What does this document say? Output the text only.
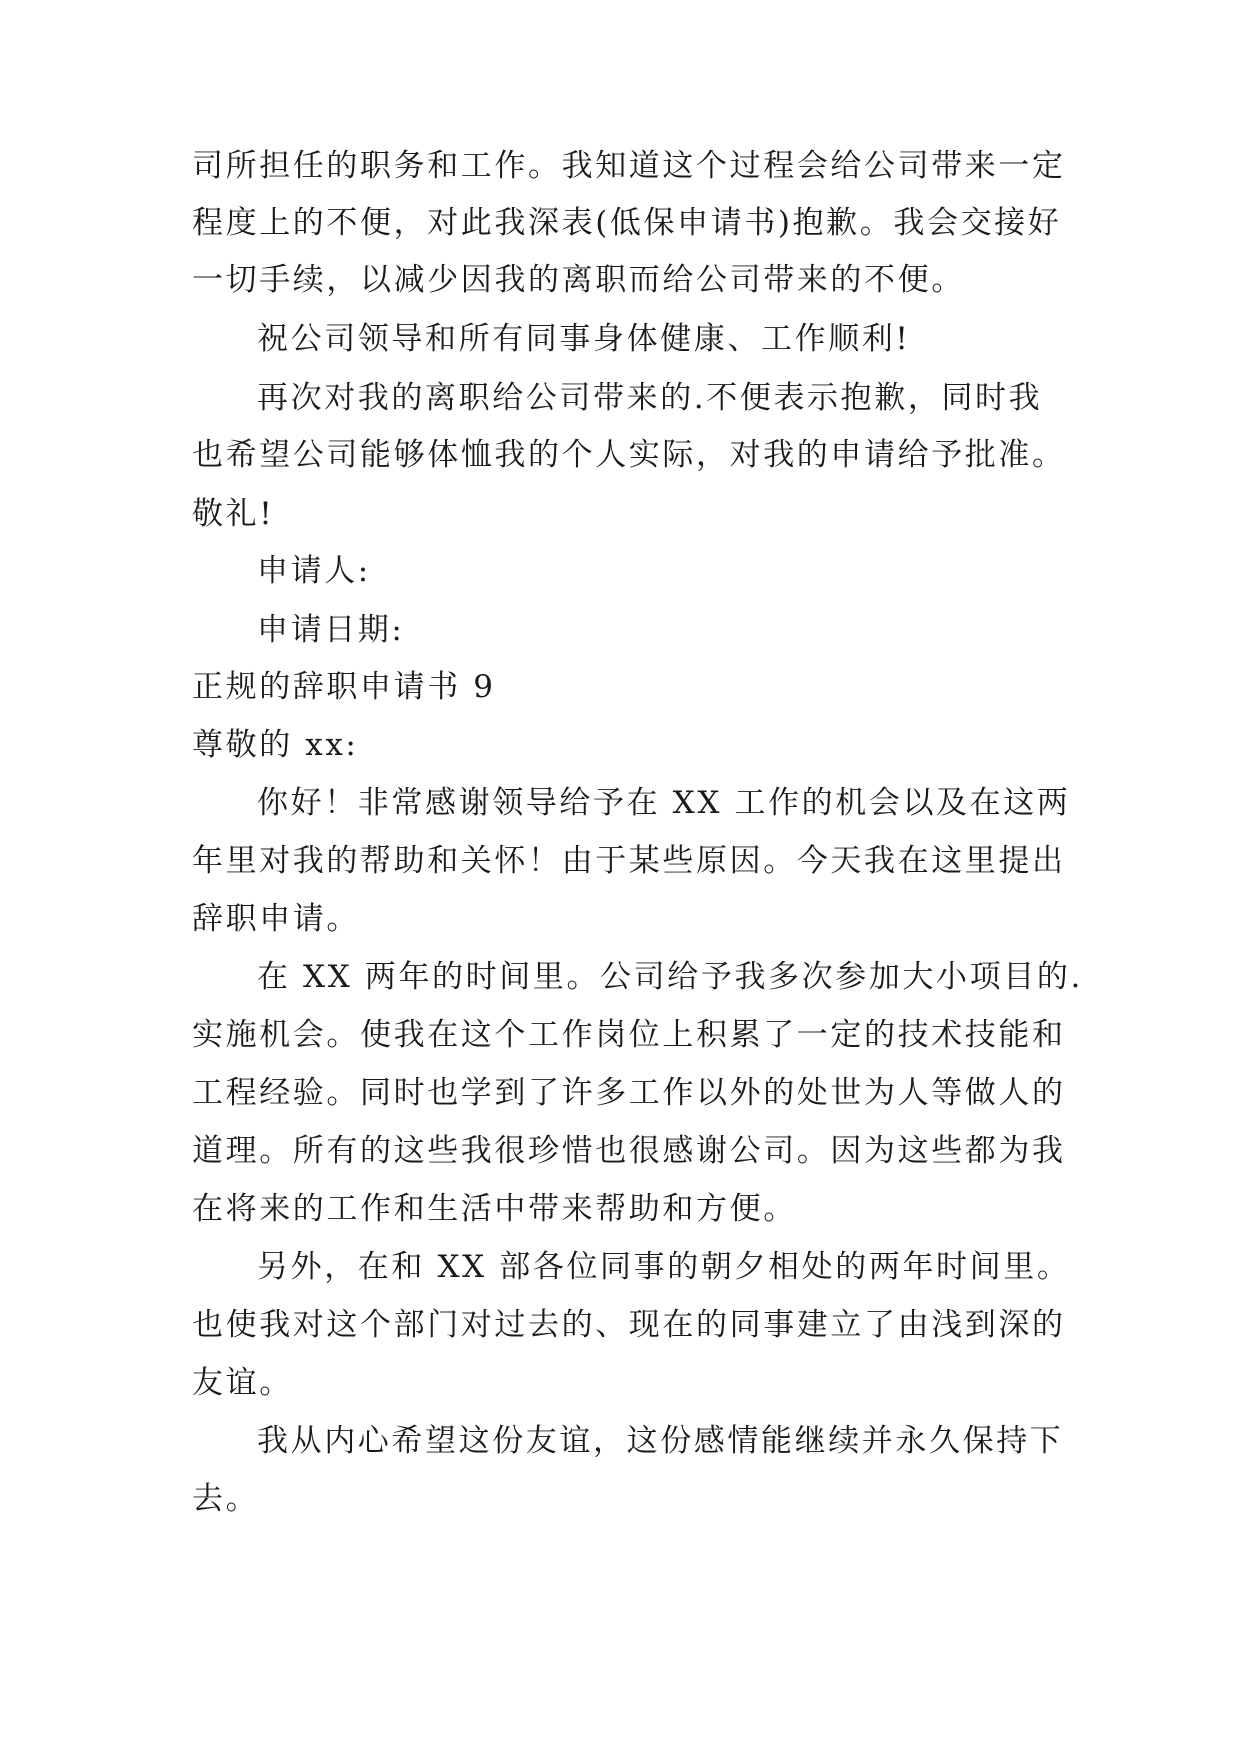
司所担任的职务和工作。我知道这个过程会给公司带来一定
程度上的不便，对此我深表(低保申请书)抱歉。我会交接好
一切手续，以减少因我的离职而给公司带来的不便。
祝公司领导和所有同事身体健康、工作顺利!
再次对我的离职给公司带来的.不便表示抱歉，同时我
也希望公司能够体恤我的个人实际，对我的申请给予批准。
敬礼!
申请人:
申请日期:
正规的辞职申请书 9
尊敬的 xx:
你好！非常感谢领导给予在 XX 工作的机会以及在这两
年里对我的帮助和关怀！由于某些原因。今天我在这里提出
辞职申请。
在 XX 两年的时间里。公司给予我多次参加大小项目的.
实施机会。使我在这个工作岗位上积累了一定的技术技能和
工程经验。同时也学到了许多工作以外的处世为人等做人的
道理。所有的这些我很珍惜也很感谢公司。因为这些都为我
在将来的工作和生活中带来帮助和方便。
另外，在和 XX 部各位同事的朝夕相处的两年时间里。
也使我对这个部门对过去的、现在的同事建立了由浅到深的
友谊。
我从内心希望这份友谊，这份感情能继续并永久保持下
去。
